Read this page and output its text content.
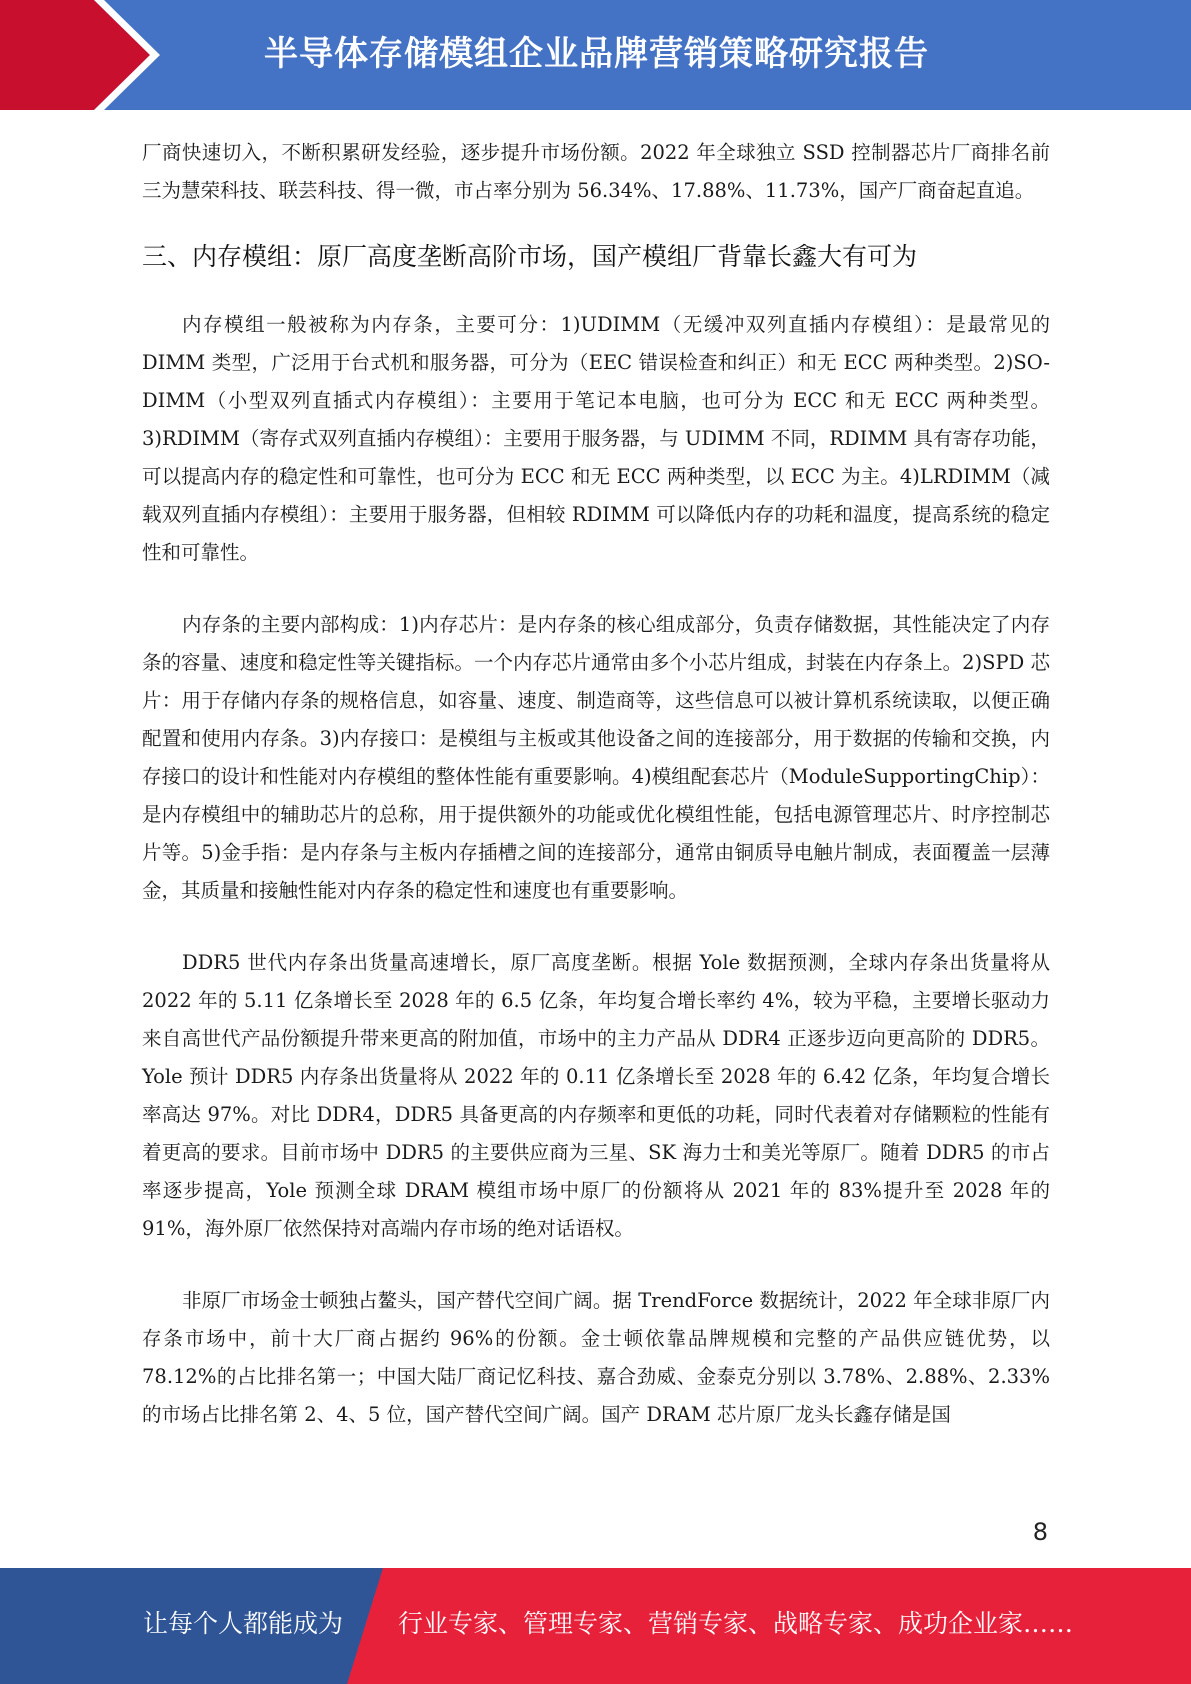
半导体存储模组企业品牌营销策略研究报告

厂商快速切入，不断积累研发经验，逐步提升市场份额。2022 年全球独立 SSD 控制器芯片厂商排名前三为慧荣科技、联芸科技、得一微，市占率分别为 56.34%、17.88%、11.73%，国产厂商奋起直追。

三、内存模组：原厂高度垄断高阶市场，国产模组厂背靠长鑫大有可为

内存模组一般被称为内存条，主要可分：1)UDIMM（无缓冲双列直插内存模组）：是最常见的 DIMM 类型，广泛用于台式机和服务器，可分为（EEC 错误检查和纠正）和无 ECC 两种类型。2)SO-DIMM（小型双列直插式内存模组）：主要用于笔记本电脑，也可分为 ECC 和无 ECC 两种类型。3)RDIMM（寄存式双列直插内存模组）：主要用于服务器，与 UDIMM 不同，RDIMM 具有寄存功能，可以提高内存的稳定性和可靠性，也可分为 ECC 和无 ECC 两种类型，以 ECC 为主。4)LRDIMM（减载双列直插内存模组）：主要用于服务器，但相较 RDIMM 可以降低内存的功耗和温度，提高系统的稳定性和可靠性。

内存条的主要内部构成：1)内存芯片：是内存条的核心组成部分，负责存储数据，其性能决定了内存条的容量、速度和稳定性等关键指标。一个内存芯片通常由多个小芯片组成，封装在内存条上。2)SPD 芯片：用于存储内存条的规格信息，如容量、速度、制造商等，这些信息可以被计算机系统读取，以便正确配置和使用内存条。3)内存接口：是模组与主板或其他设备之间的连接部分，用于数据的传输和交换，内存接口的设计和性能对内存模组的整体性能有重要影响。4)模组配套芯片（ModuleSupportingChip）：是内存模组中的辅助芯片的总称，用于提供额外的功能或优化模组性能，包括电源管理芯片、时序控制芯片等。5)金手指：是内存条与主板内存插槽之间的连接部分，通常由铜质导电触片制成，表面覆盖一层薄金，其质量和接触性能对内存条的稳定性和速度也有重要影响。

DDR5 世代内存条出货量高速增长，原厂高度垄断。根据 Yole 数据预测，全球内存条出货量将从 2022 年的 5.11 亿条增长至 2028 年的 6.5 亿条，年均复合增长率约 4%，较为平稳，主要增长驱动力来自高世代产品份额提升带来更高的附加值，市场中的主力产品从 DDR4 正逐步迈向更高阶的 DDR5。Yole 预计 DDR5 内存条出货量将从 2022 年的 0.11 亿条增长至 2028 年的 6.42 亿条，年均复合增长率高达 97%。对比 DDR4，DDR5 具备更高的内存频率和更低的功耗，同时代表着对存储颗粒的性能有着更高的要求。目前市场中 DDR5 的主要供应商为三星、SK 海力士和美光等原厂。随着 DDR5 的市占率逐步提高，Yole 预测全球 DRAM 模组市场中原厂的份额将从 2021 年的 83%提升至 2028 年的 91%，海外原厂依然保持对高端内存市场的绝对话语权。

非原厂市场金士顿独占鳌头，国产替代空间广阔。据 TrendForce 数据统计，2022 年全球非原厂内存条市场中，前十大厂商占据约 96%的份额。金士顿依靠品牌规模和完整的产品供应链优势，以 78.12%的占比排名第一；中国大陆厂商记忆科技、嘉合劲威、金泰克分别以 3.78%、2.88%、2.33%的市场占比排名第 2、4、5 位，国产替代空间广阔。国产 DRAM 芯片原厂龙头长鑫存储是国

8
让每个人都能成为 行业专家、管理专家、营销专家、战略专家、成功企业家……
